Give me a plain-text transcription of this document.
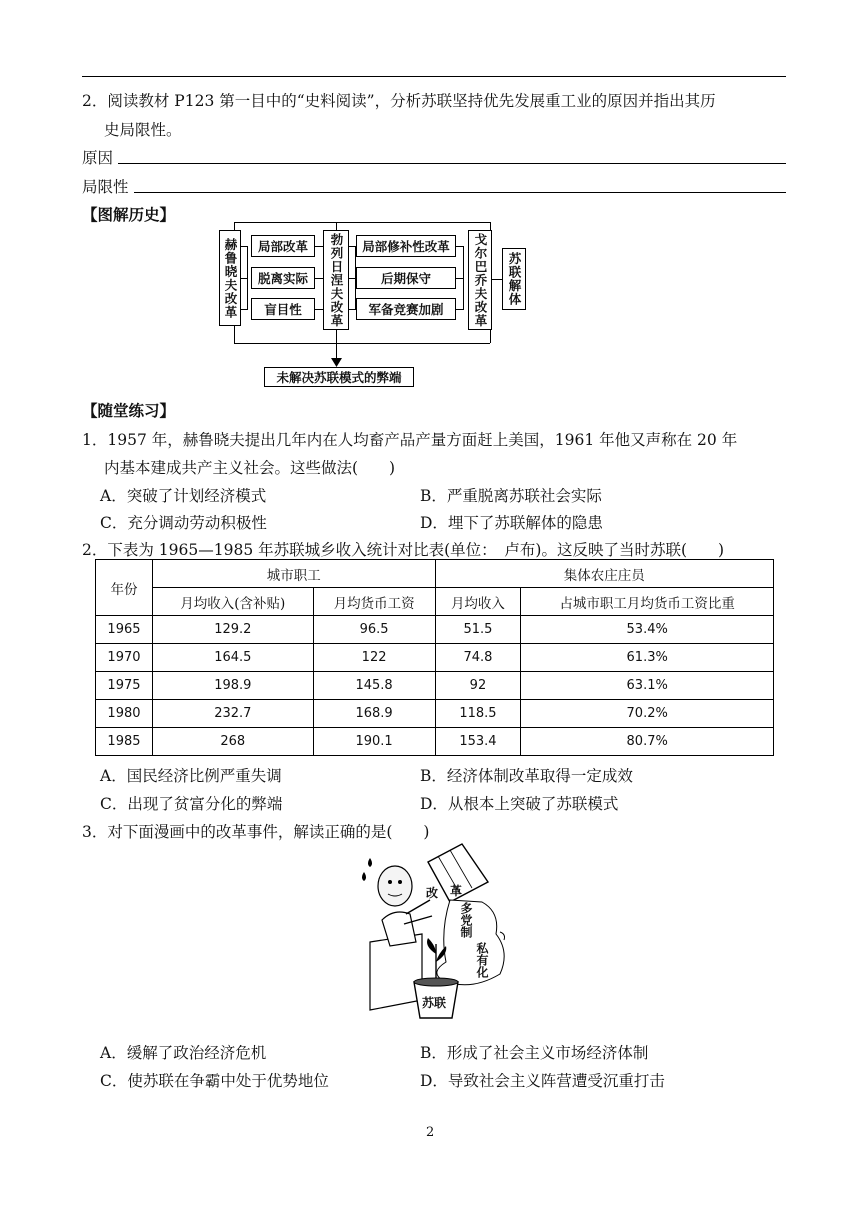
2．阅读教材 P123 第一目中的“史料阅读”，分析苏联坚持优先发展重工业的原因并指出其历
史局限性。
原因
局限性
【图解历史】
赫鲁晓夫改革	局部改革
脱离实际
盲目性	勃列日涅夫改革	局部修补性改革
后期保守
军备竞赛加剧	戈尔巴乔夫改革	苏联解体
未解决苏联模式的弊端
【随堂练习】
1．1957 年，赫鲁晓夫提出几年内在人均畜产品产量方面赶上美国，1961 年他又声称在 20 年
内基本建成共产主义社会。这些做法(　　)
A．突破了计划经济模式	B．严重脱离苏联社会实际
C．充分调动劳动积极性	D．埋下了苏联解体的隐患
2．下表为 1965—1985 年苏联城乡收入统计对比表(单位：　卢布)。这反映了当时苏联(　　)
年份	城市职工		集体农庄庄员	
	月均收入(含补贴)	月均货币工资	月均收入	占城市职工月均货币工资比重
1965	129.2	96.5	51.5	53.4%
1970	164.5	122	74.8	61.3%
1975	198.9	145.8	92	63.1%
1980	232.7	168.9	118.5	70.2%
1985	268	190.1	153.4	80.7%
A．国民经济比例严重失调	B．经济体制改革取得一定成效
C．出现了贫富分化的弊端	D．从根本上突破了苏联模式
3．对下面漫画中的改革事件，解读正确的是(　　)
改 革
多党制
私有化
苏联
A．缓解了政治经济危机	B．形成了社会主义市场经济体制
C．使苏联在争霸中处于优势地位	D．导致社会主义阵营遭受沉重打击
2
